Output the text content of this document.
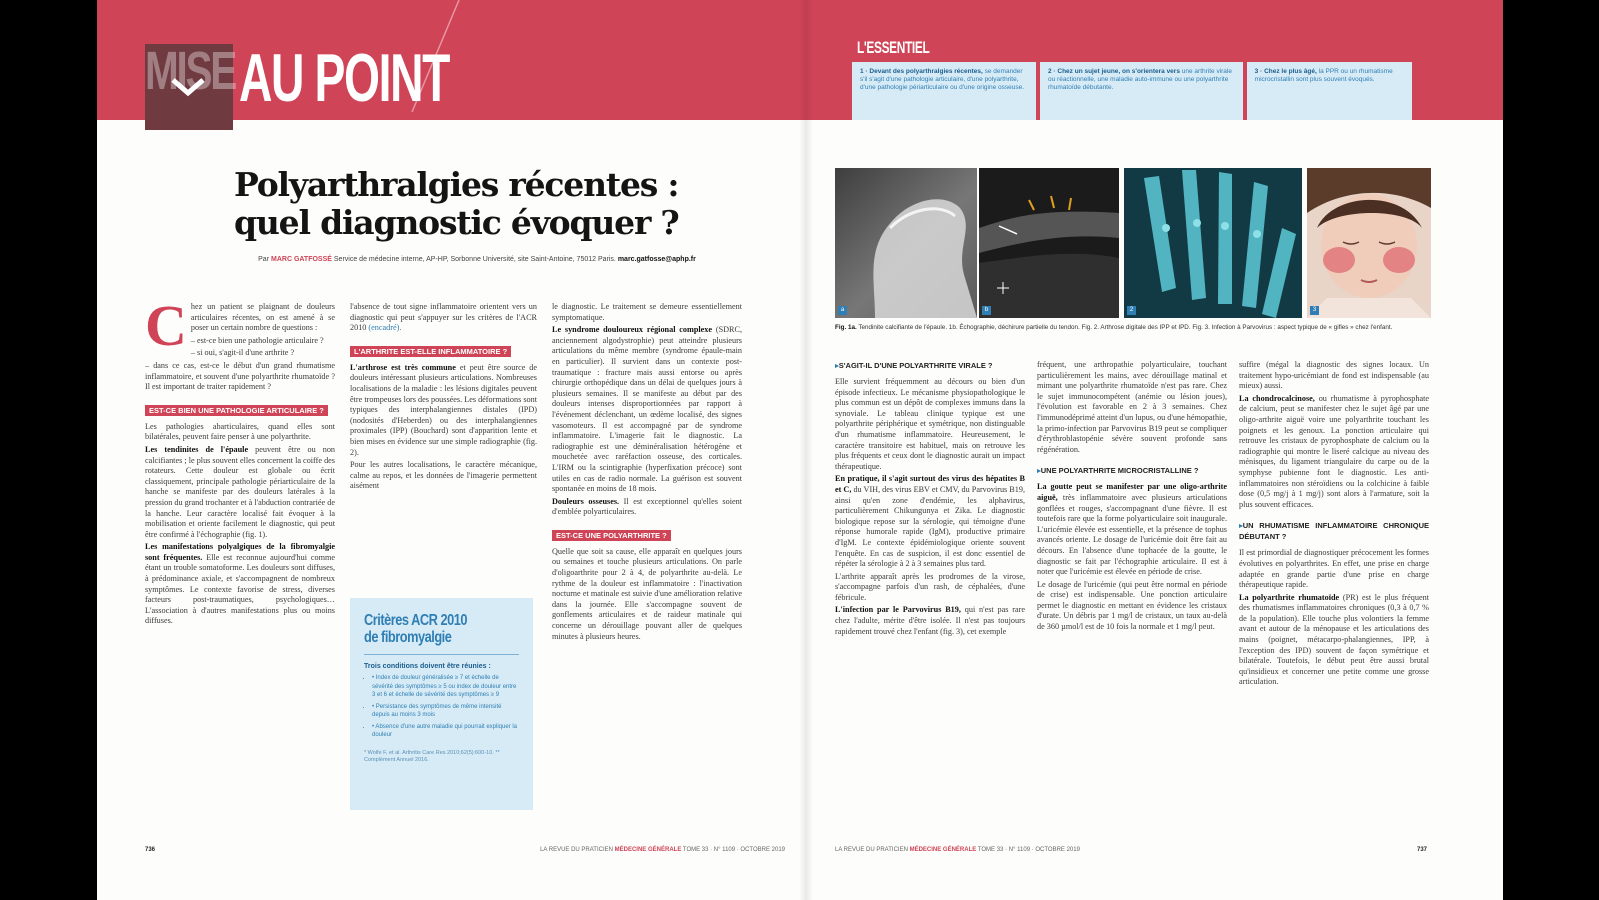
MISE AU POINT	L'ESSENTIEL
1 · Devant des polyarthralgies récentes, se demander s'il s'agit d'une pathologie articulaire, d'une polyarthrite, d'une pathologie périarticulaire ou d'une origine osseuse.
2 · Chez un sujet jeune, on s'orientera vers une arthrite virale ou réactionnelle, une maladie auto-immune ou une polyarthrite rhumatoïde débutante.
3 · Chez le plus âgé, la PPR ou un rhumatisme microcristallin sont plus souvent évoqués.
Polyarthralgies récentes :
quel diagnostic évoquer ?
Par MARC GATFOSSÉ Service de médecine interne, AP-HP, Sorbonne Université, site Saint-Antoine, 75012 Paris. marc.gatfosse@aphp.fr

C hez un patient se plaignant de douleurs articulaires récentes, on est amené à se poser un certain nombre de questions :

– est-ce bien une pathologie articulaire ?

– si oui, s'agit-il d'une arthrite ?

– dans ce cas, est-ce le début d'un grand rhumatisme inflammatoire, et souvent d'une polyarthrite rhumatoïde ? Il est important de traiter rapidement ?

EST-CE BIEN UNE PATHOLOGIE ARTICULAIRE ?

Les pathologies abarticulaires, quand elles sont bilatérales, peuvent faire penser à une polyarthrite.

Les tendinites de l'épaule peuvent être ou non calcifiantes ; le plus souvent elles concernent la coiffe des rotateurs. Cette douleur est globale ou écrit classiquement, principale pathologie périarticulaire de la hanche se manifeste par des douleurs latérales à la pression du grand trochanter et à l'abduction contrariée de la hanche. Leur caractère localisé fait évoquer à la mobilisation et oriente facilement le diagnostic, qui peut être confirmé à l'échographie (fig. 1).

Les manifestations polyalgiques de la fibromyalgie sont fréquentes. Elle est reconnue aujourd'hui comme étant un trouble somatoforme. Les douleurs sont diffuses, à prédominance axiale, et s'accompagnent de nombreux symptômes. Le contexte favorise de stress, diverses facteurs post-traumatiques, psychologiques… L'association à d'autres manifestations plus ou moins diffuses.

l'absence de tout signe inflammatoire orientent vers un diagnostic qui peut s'appuyer sur les critères de l'ACR 2010 (encadré).

L'ARTHRITE EST-ELLE INFLAMMATOIRE ?

L'arthrose est très commune et peut être source de douleurs intéressant plusieurs articulations. Nombreuses localisations de la maladie : les lésions digitales peuvent être trompeuses lors des poussées. Les déformations sont typiques des interphalangiennes distales (IPD) (nodosités d'Heberden) ou des interphalangiennes proximales (IPP) (Bouchard) sont d'apparition lente et bien mises en évidence sur une simple radiographie (fig. 2).

Pour les autres localisations, le caractère mécanique, calme au repos, et les données de l'imagerie permettent aisément

Critères ACR 2010
de fibromyalgie
Trois conditions doivent être réunies :
• • Index de douleur généralisée ≥ 7 et échelle de sévérité des symptômes ≥ 5 ou index de douleur entre 3 et 6 et échelle de sévérité des symptômes ≥ 9
• • Persistance des symptômes de même intensité depuis au moins 3 mois
• • Absence d'une autre maladie qui pourrait expliquer la douleur
* Wolfe F, et al. Arthritis Care Res 2010;62(5):600-10. ** Complément Annuel 2016.

le diagnostic. Le traitement se demeure essentiellement symptomatique.

Le syndrome douloureux régional complexe (SDRC, anciennement algodystrophie) peut atteindre plusieurs articulations du même membre (syndrome épaule-main en particulier). Il survient dans un contexte post-traumatique : fracture mais aussi entorse ou après chirurgie orthopédique dans un délai de quelques jours à plusieurs semaines. Il se manifeste au début par des douleurs intenses disproportionnées par rapport à l'événement déclenchant, un œdème localisé, des signes vasomoteurs. Il est accompagné par de syndrome inflammatoire. L'imagerie fait le diagnostic. La radiographie est une déminéralisation hétérogène et mouchetée avec raréfaction osseuse, des corticales. L'IRM ou la scintigraphie (hyperfixation précoce) sont utiles en cas de radio normale. La guérison est souvent spontanée en moins de 18 mois.

Douleurs osseuses. Il est exceptionnel qu'elles soient d'emblée polyarticulaires.

EST-CE UNE POLYARTHRITE ?

Quelle que soit sa cause, elle apparaît en quelques jours ou semaines et touche plusieurs articulations. On parle d'oligoarthrite pour 2 à 4, de polyarthrite au-delà. Le rythme de la douleur est inflammatoire : l'inactivation nocturne et matinale est suivie d'une amélioration relative dans la journée. Elle s'accompagne souvent de gonflements articulaires et de raideur matinale qui concerne un dérouillage pouvant aller de quelques minutes à plusieurs heures.

736	LA REVUE DU PRATICIEN MÉDECINE GÉNÉRALE TOME 33 · N° 1109 · OCTOBRE 2019
a	b	2	3
Fig. 1a. Tendinite calcifiante de l'épaule. 1b. Échographie, déchirure partielle du tendon. Fig. 2. Arthrose digitale des IPP et IPD. Fig. 3. Infection à Parvovirus : aspect typique de « gifles » chez l'enfant.
▸ S'AGIT-IL D'UNE POLYARTHRITE VIRALE ?

Elle survient fréquemment au décours ou bien d'un épisode infectieux. Le mécanisme physiopathologique le plus commun est un dépôt de complexes immuns dans la synoviale. Le tableau clinique typique est une polyarthrite périphérique et symétrique, non distinguable d'un rhumatisme inflammatoire. Heureusement, le caractère transitoire est habituel, mais on retrouve les plus fréquents et ceux dont le diagnostic aurait un impact thérapeutique.

En pratique, il s'agit surtout des virus des hépatites B et C, du VIH, des virus EBV et CMV, du Parvovirus B19, ainsi qu'en zone d'endémie, les alphavirus, particulièrement Chikungunya et Zika. Le diagnostic biologique repose sur la sérologie, qui témoigne d'une réponse humorale rapide (IgM), productive primaire d'IgM. Le contexte épidémiologique oriente souvent l'enquête. En cas de suspicion, il est donc essentiel de répéter la sérologie à 2 à 3 semaines plus tard.

L'arthrite apparaît après les prodromes de la virose, s'accompagne parfois d'un rash, de céphalées, d'une fébricule.

L'infection par le Parvovirus B19, qui n'est pas rare chez l'adulte, mérite d'être isolée. Il n'est pas toujours rapidement trouvé chez l'enfant (fig. 3), cet exemple

fréquent, une arthropathie polyarticulaire, touchant particulièrement les mains, avec dérouillage matinal et mimant une polyarthrite rhumatoïde n'est pas rare. Chez le sujet immunocompétent (anémie ou lésion joues), l'évolution est favorable en 2 à 3 semaines. Chez l'immunodéprimé atteint d'un lupus, ou d'une hémopathie, la primo-infection par Parvovirus B19 peut se compliquer d'érythroblastopénie sévère souvent profonde sans régénération.

▸ UNE POLYARTHRITE MICROCRISTALLINE ?

La goutte peut se manifester par une oligo-arthrite aiguë, très inflammatoire avec plusieurs articulations gonflées et rouges, s'accompagnant d'une fièvre. Il est toutefois rare que la forme polyarticulaire soit inaugurale. L'uricémie élevée est essentielle, et la présence de tophus avancés oriente. Le dosage de l'uricémie doit être fait au décours. En l'absence d'une tophacée de la goutte, le diagnostic se fait par l'échographie articulaire. Il est à noter que l'uricémie est élevée en période de crise.

Le dosage de l'uricémie (qui peut être normal en période de crise) est indispensable. Une ponction articulaire permet le diagnostic en mettant en évidence les cristaux d'urate. Un débris par 1 mg/l de cristaux, un taux au-delà de 360 µmol/l est de 10 fois la normale et 1 mg/l peut.

suffire (mégal la diagnostic des signes locaux. Un traitement hypo-uricémiant de fond est indispensable (au mieux) aussi.

La chondrocalcinose, ou rhumatisme à pyrophosphate de calcium, peut se manifester chez le sujet âgé par une oligo-arthrite aiguë voire une polyarthrite touchant les poignets et les genoux. La ponction articulaire qui retrouve les cristaux de pyrophosphate de calcium ou la radiographie qui montre le liseré calcique au niveau des ménisques, du ligament triangulaire du carpe ou de la symphyse pubienne font le diagnostic. Les anti-inflammatoires non stéroïdiens ou la colchicine à faible dose (0,5 mg/j à 1 mg/j) sont alors à l'armature, soit la plus souvent efficaces.

▸ UN RHUMATISME INFLAMMATOIRE CHRONIQUE DÉBUTANT ?

Il est primordial de diagnostiquer précocement les formes évolutives en polyarthrites. En effet, une prise en charge adaptée en grande partie d'une prise en charge thérapeutique rapide.

La polyarthrite rhumatoïde (PR) est le plus fréquent des rhumatismes inflammatoires chroniques (0,3 à 0,7 % de la population). Elle touche plus volontiers la femme avant et autour de la ménopause et les articulations des mains (poignet, métacarpo-phalangiennes, IPP, à l'exception des IPD) souvent de façon symétrique et bilatérale. Toutefois, le début peut être aussi brutal qu'insidieux et concerner une petite comme une grosse articulation.

LA REVUE DU PRATICIEN MÉDECINE GÉNÉRALE TOME 33 · N° 1109 · OCTOBRE 2019	737
